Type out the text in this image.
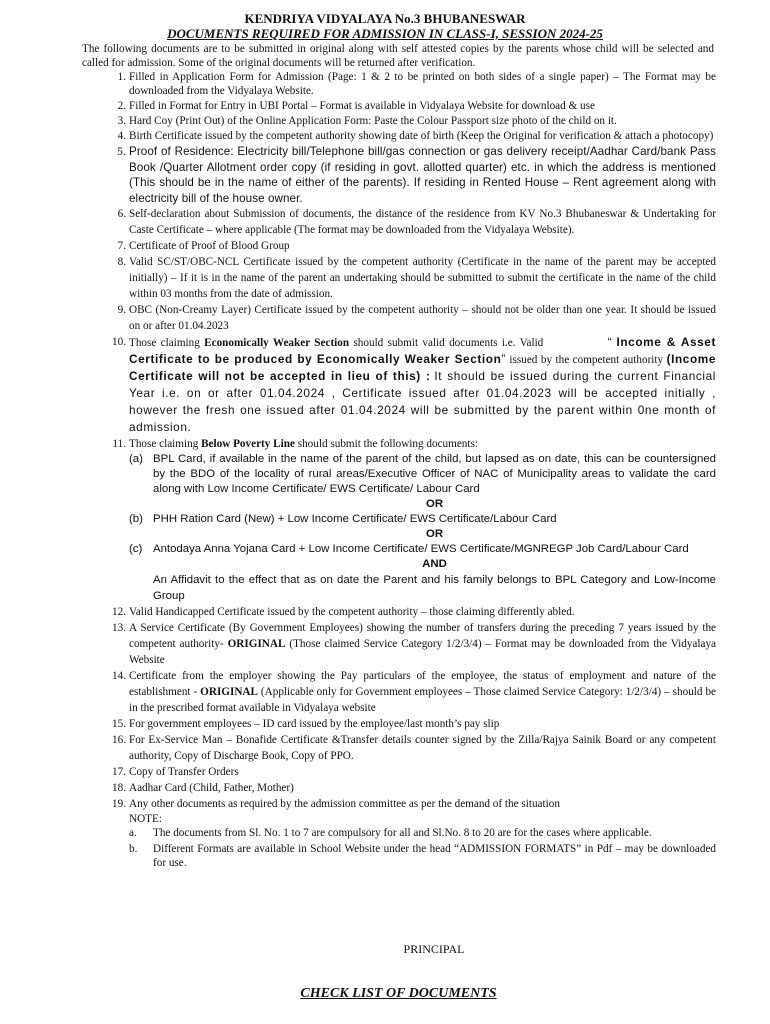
KENDRIYA VIDYALAYA No.3 BHUBANESWAR
DOCUMENTS REQUIRED FOR ADMISSION IN CLASS-I, SESSION 2024-25
The following documents are to be submitted in original along with self attested copies by the parents whose child will be selected and called for admission. Some of the original documents will be returned after verification.
1. Filled in Application Form for Admission (Page: 1 & 2 to be printed on both sides of a single paper) – The Format may be downloaded from the Vidyalaya Website.
2. Filled in Format for Entry in UBI Portal – Format is available in Vidyalaya Website for download & use
3. Hard Coy (Print Out) of the Online Application Form: Paste the Colour Passport size photo of the child on it.
4. Birth Certificate issued by the competent authority showing date of birth (Keep the Original for verification & attach a photocopy)
5. Proof of Residence: Electricity bill/Telephone bill/gas connection or gas delivery receipt/Aadhar Card/bank Pass Book /Quarter Allotment order copy (if residing in govt. allotted quarter) etc. in which the address is mentioned (This should be in the name of either of the parents). If residing in Rented House – Rent agreement along with electricity bill of the house owner.
6. Self-declaration about Submission of documents, the distance of the residence from KV No.3 Bhubaneswar & Undertaking for Caste Certificate – where applicable (The format may be downloaded from the Vidyalaya Website).
7. Certificate of Proof of Blood Group
8. Valid SC/ST/OBC-NCL Certificate issued by the competent authority (Certificate in the name of the parent may be accepted initially) – If it is in the name of the parent an undertaking should be submitted to submit the certificate in the name of the child within 03 months from the date of admission.
9. OBC (Non-Creamy Layer) Certificate issued by the competent authority – should not be older than one year. It should be issued on or after 01.04.2023
10. Those claiming Economically Weaker Section should submit valid documents i.e. Valid	“ Income & Asset Certificate to be produced by Economically Weaker Section” issued by the competent authority (Income Certificate will not be accepted in lieu of this) : It should be issued during the current Financial Year i.e. on or after 01.04.2024 , Certificate issued after 01.04.2023 will be accepted initially , however the fresh one issued after 01.04.2024 will be submitted by the parent within 0ne month of admission.
11. Those claiming Below Poverty Line should submit the following documents:
(a) BPL Card, if available in the name of the parent of the child, but lapsed as on date, this can be countersigned by the BDO of the locality of rural areas/Executive Officer of NAC of Municipality areas to validate the card along with Low Income Certificate/ EWS Certificate/ Labour Card
OR
(b) PHH Ration Card (New) + Low Income Certificate/ EWS Certificate/Labour Card
OR
(c) Antodaya Anna Yojana Card + Low Income Certificate/ EWS Certificate/MGNREGP Job Card/Labour Card
AND
An Affidavit to the effect that as on date the Parent and his family belongs to BPL Category and Low-Income Group
12. Valid Handicapped Certificate issued by the competent authority – those claiming differently abled.
13. A Service Certificate (By Government Employees) showing the number of transfers during the preceding 7 years issued by the competent authority- ORIGINAL (Those claimed Service Category 1/2/3/4) – Format may be downloaded from the Vidyalaya Website
14. Certificate from the employer showing the Pay particulars of the employee, the status of employment and nature of the establishment - ORIGINAL (Applicable only for Government employees – Those claimed Service Category: 1/2/3/4) – should be in the prescribed format available in Vidyalaya website
15. For government employees – ID card issued by the employee/last month’s pay slip
16. For Ex-Service Man – Bonafide Certificate &Transfer details counter signed by the Zilla/Rajya Sainik Board or any competent authority, Copy of Discharge Book, Copy of PPO.
17. Copy of Transfer Orders
18. Aadhar Card (Child, Father, Mother)
19. Any other documents as required by the admission committee as per the demand of the situation
NOTE:
a. The documents from Sl. No. 1 to 7 are compulsory for all and Sl.No. 8 to 20 are for the cases where applicable.
b. Different Formats are available in School Website under the head “ADMISSION FORMATS” in Pdf – may be downloaded for use.
PRINCIPAL
CHECK LIST OF DOCUMENTS
